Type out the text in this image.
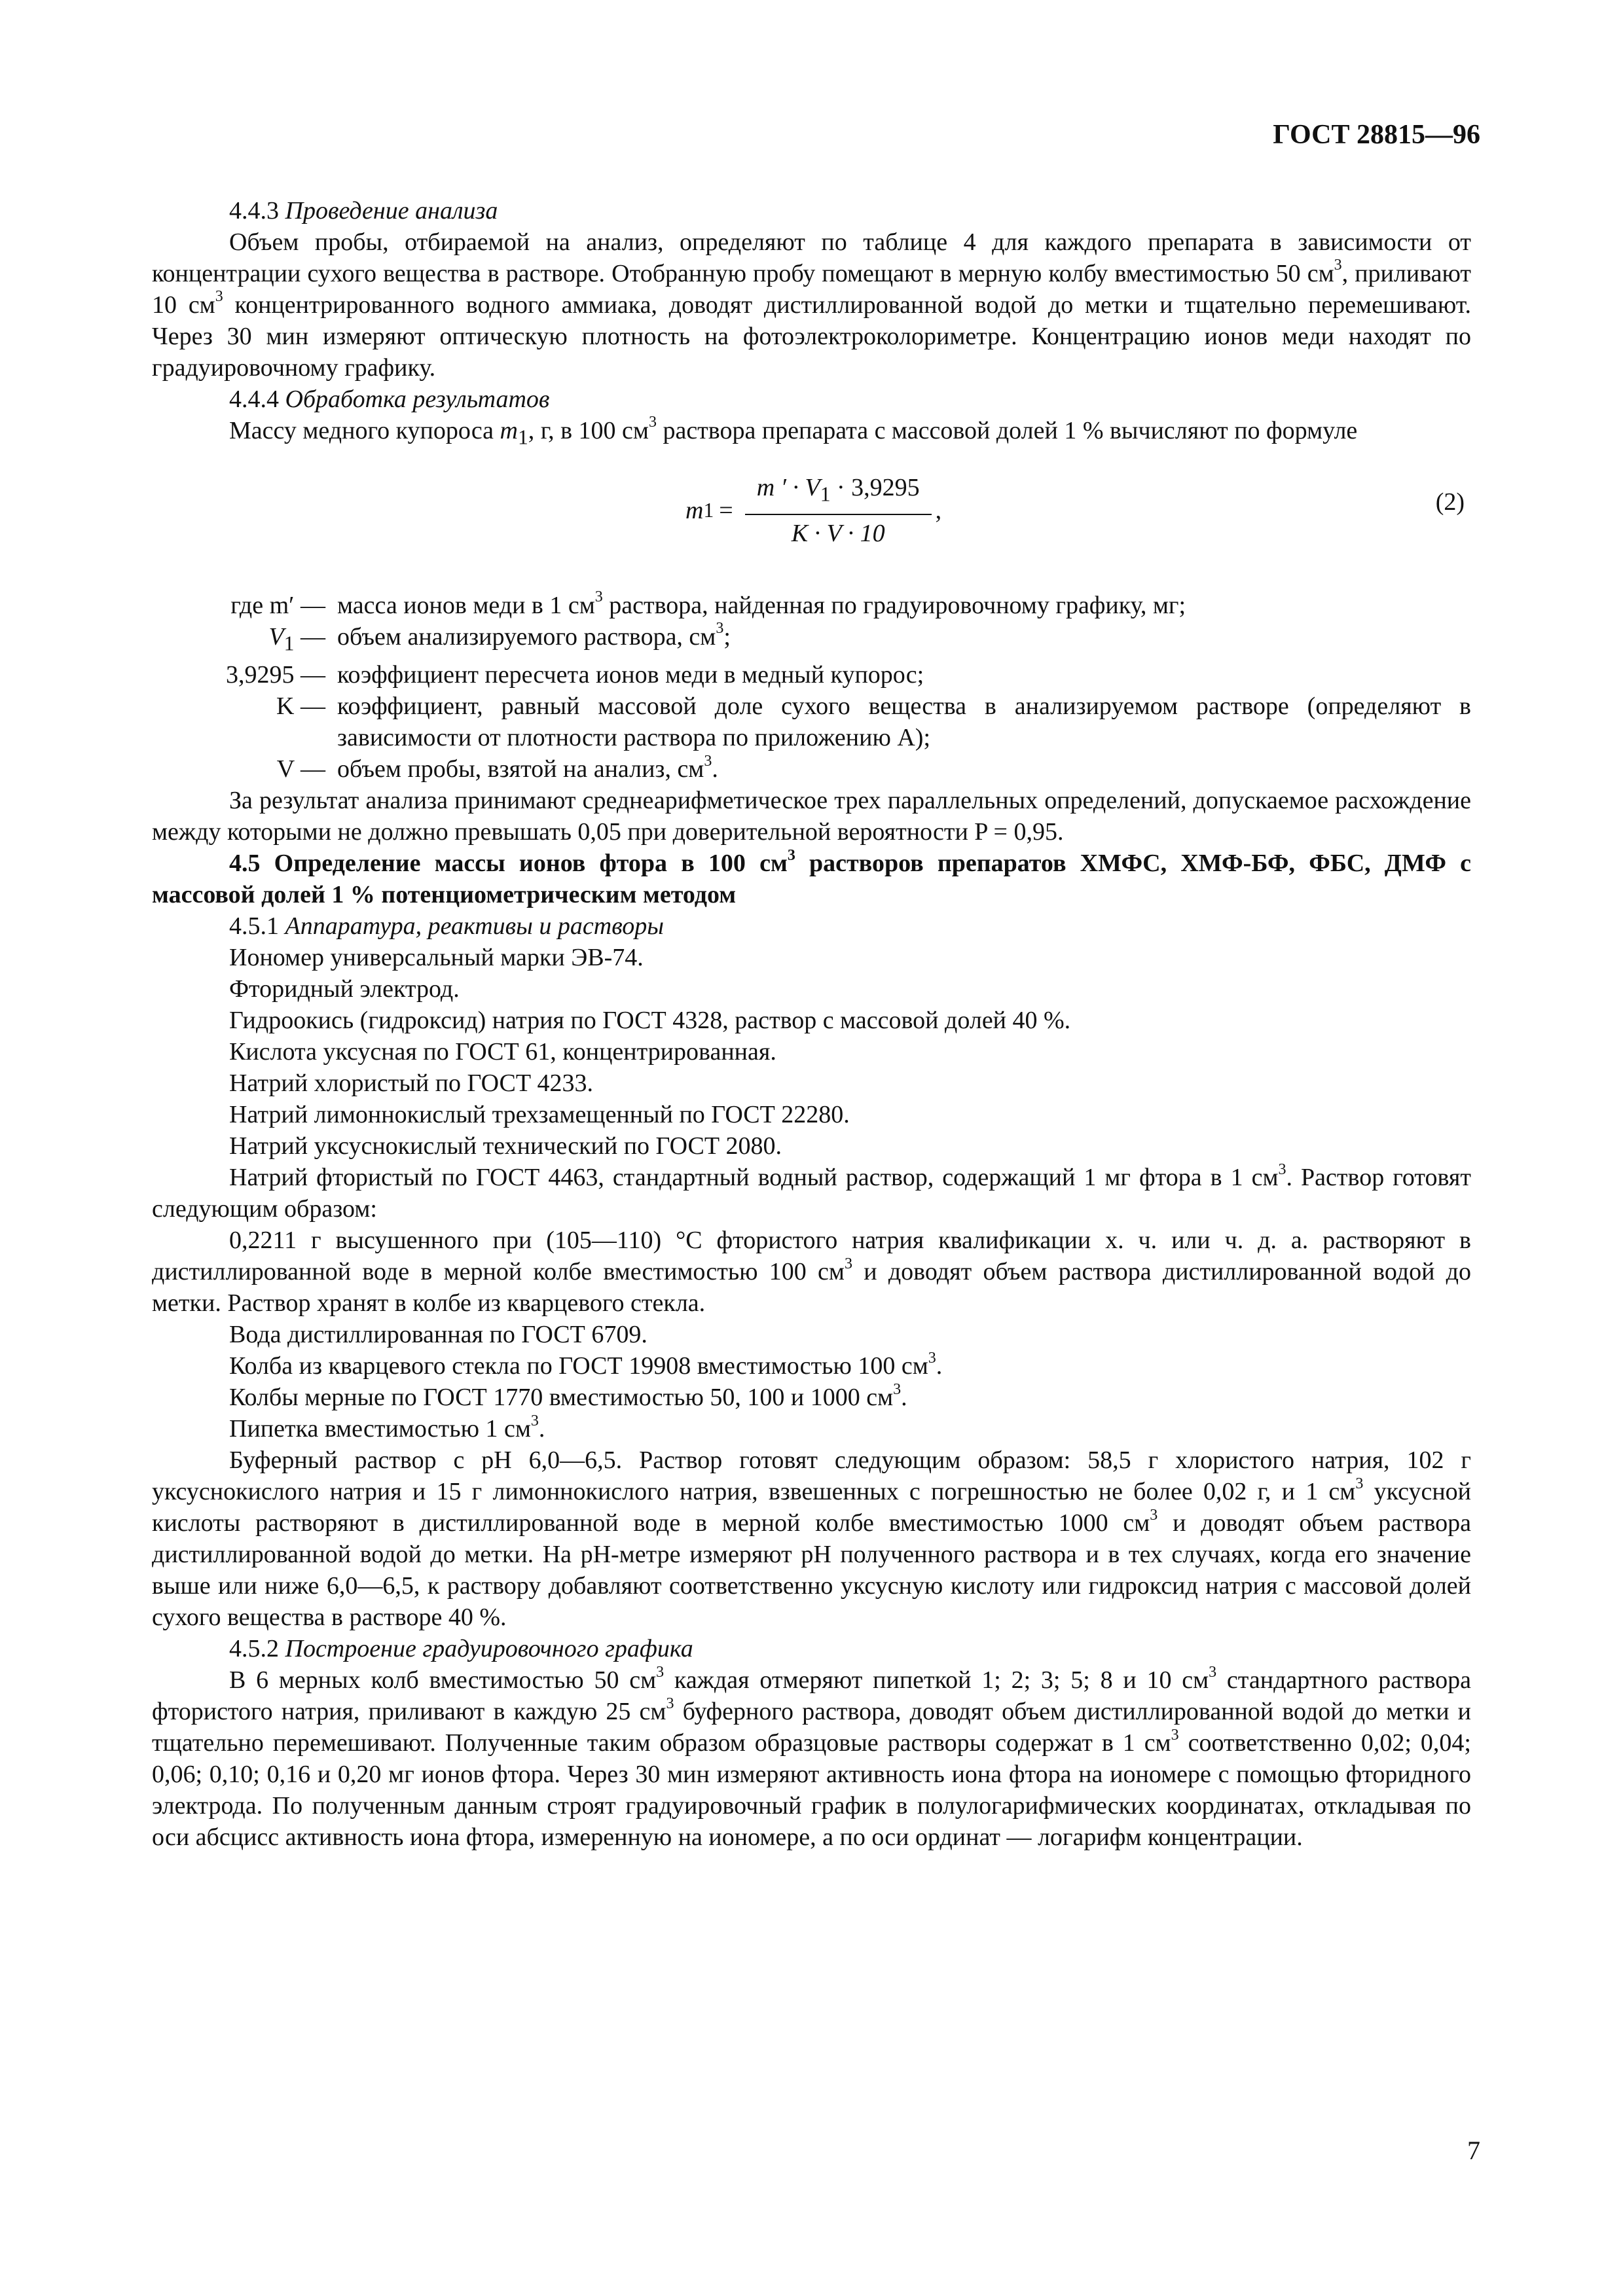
ГОСТ 28815—96

4.4.3 Проведение анализа

Объем пробы, отбираемой на анализ, определяют по таблице 4 для каждого препарата в зависимости от концентрации сухого вещества в растворе. Отобранную пробу помещают в мерную колбу вместимостью 50 $см^3$, приливают 10 $см^3$ концентрированного водного аммиака, доводят дистиллированной водой до метки и тщательно перемешивают. Через 30 мин измеряют оптическую плотность на фотоэлектроколориметре. Концентрацию ионов меди находят по градуировочному графику.

4.4.4 Обработка результатов

Массу медного купороса $m_1$, г, в 100 $см^3$ раствора препарата с массовой долей 1 % вычисляют по формуле

m $1 = \frac{m ' \cdot V_1 \cdot 3,9295}{K \cdot V \cdot 10}$ ,	(2)
где m′ — масса ионов меди в 1 $см^3$ раствора, найденная по градуировочному графику, мг;
$V_1$ — объем анализируемого раствора, $см^3$;
3,9295 — коэффициент пересчета ионов меди в медный купорос;
K — коэффициент, равный массовой доле сухого вещества в анализируемом растворе (определяют в зависимости от плотности раствора по приложению А);
V — объем пробы, взятой на анализ, $см^3$.

За результат анализа принимают среднеарифметическое трех параллельных определений, допускаемое расхождение между которыми не должно превышать 0,05 при доверительной вероятности P = 0,95.

4.5 Определение массы ионов фтора в 100 $см^3$ растворов препаратов ХМФС, ХМФ-БФ, ФБС, ДМФ с массовой долей 1 % потенциометрическим методом

4.5.1 Аппаратура, реактивы и растворы

Иономер универсальный марки ЭВ-74.

Фторидный электрод.

Гидроокись (гидроксид) натрия по ГОСТ 4328, раствор с массовой долей 40 %.

Кислота уксусная по ГОСТ 61, концентрированная.

Натрий хлористый по ГОСТ 4233.

Натрий лимоннокислый трехзамещенный по ГОСТ 22280.

Натрий уксуснокислый технический по ГОСТ 2080.

Натрий фтористый по ГОСТ 4463, стандартный водный раствор, содержащий 1 мг фтора в 1 $см^3$. Раствор готовят следующим образом:

0,2211 г высушенного при (105—110) °С фтористого натрия квалификации х. ч. или ч. д. а. растворяют в дистиллированной воде в мерной колбе вместимостью 100 $см^3$ и доводят объем раствора дистиллированной водой до метки. Раствор хранят в колбе из кварцевого стекла.

Вода дистиллированная по ГОСТ 6709.

Колба из кварцевого стекла по ГОСТ 19908 вместимостью 100 $см^3$.

Колбы мерные по ГОСТ 1770 вместимостью 50, 100 и 1000 $см^3$.

Пипетка вместимостью 1 $см^3$.

Буферный раствор с pH 6,0—6,5. Раствор готовят следующим образом: 58,5 г хлористого натрия, 102 г уксуснокислого натрия и 15 г лимоннокислого натрия, взвешенных с погрешностью не более 0,02 г, и 1 $см^3$ уксусной кислоты растворяют в дистиллированной воде в мерной колбе вместимостью 1000 $см^3$ и доводят объем раствора дистиллированной водой до метки. На pH-метре измеряют pH полученного раствора и в тех случаях, когда его значение выше или ниже 6,0—6,5, к раствору добавляют соответственно уксусную кислоту или гидроксид натрия с массовой долей сухого вещества в растворе 40 %.

4.5.2 Построение градуировочного графика

В 6 мерных колб вместимостью 50 $см^3$ каждая отмеряют пипеткой 1; 2; 3; 5; 8 и 10 $см^3$ стандартного раствора фтористого натрия, приливают в каждую 25 $см^3$ буферного раствора, доводят объем дистиллированной водой до метки и тщательно перемешивают. Полученные таким образом образцовые растворы содержат в 1 $см^3$ соответственно 0,02; 0,04; 0,06; 0,10; 0,16 и 0,20 мг ионов фтора. Через 30 мин измеряют активность иона фтора на иономере с помощью фторидного электрода. По полученным данным строят градуировочный график в полулогарифмических координатах, откладывая по оси абсцисс активность иона фтора, измеренную на иономере, а по оси ординат — логарифм концентрации.

7
